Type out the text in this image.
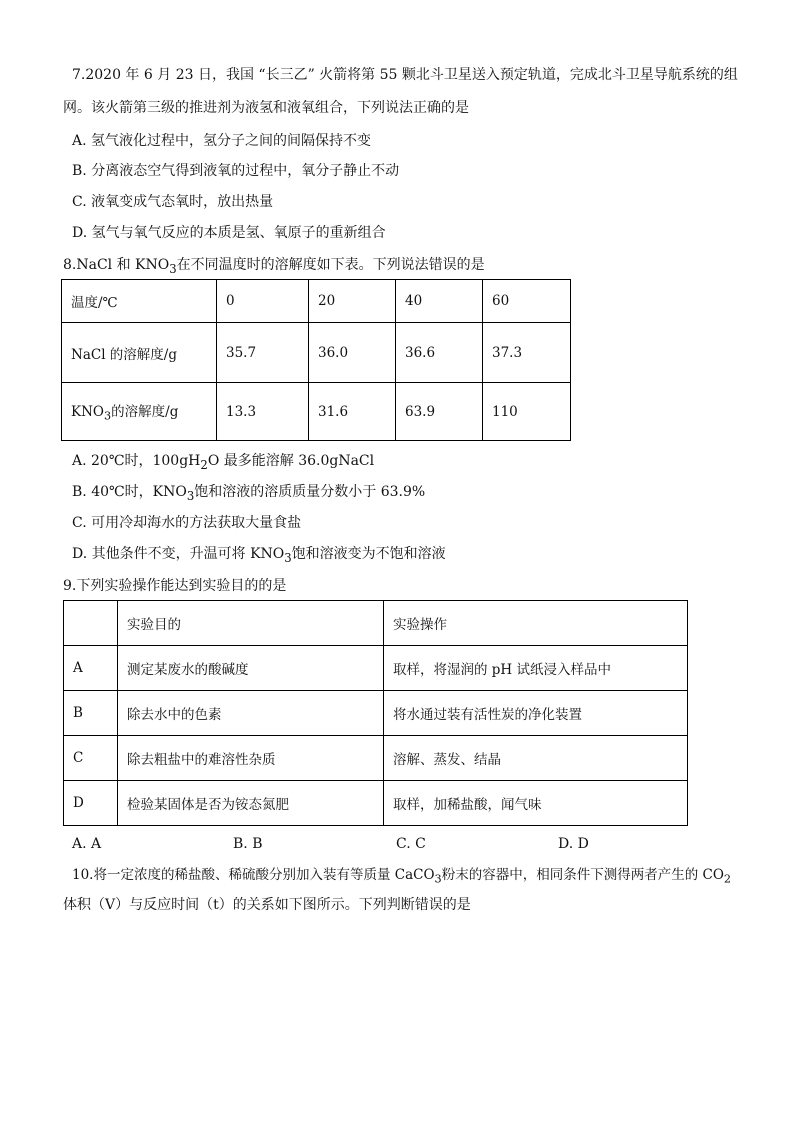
7.2020 年 6 月 23 日，我国 “长三乙” 火箭将第 55 颗北斗卫星送入预定轨道，完成北斗卫星导航系统的组
网。该火箭第三级的推进剂为液氢和液氧组合，下列说法正确的是
A. 氢气液化过程中，氢分子之间的间隔保持不变
B. 分离液态空气得到液氧的过程中，氧分子静止不动
C. 液氧变成气态氧时，放出热量
D. 氢气与氧气反应的本质是氢、氧原子的重新组合
8.NaCl 和 $KNO_3$在不同温度时的溶解度如下表。下列说法错误的是
温度/℃	0	20	40	60
NaCl 的溶解度/g	35.7	36.0	36.6	37.3
$KNO_3$的溶解度/g	13.3	31.6	63.9	110
A. 20℃时，$100gH_2O$ 最多能溶解 36.0gNaCl
B. 40℃时，$KNO_3$饱和溶液的溶质质量分数小于 63.9%
C. 可用冷却海水的方法获取大量食盐
D. 其他条件不变，升温可将 $KNO_3$饱和溶液变为不饱和溶液
9.下列实验操作能达到实验目的的是
	实验目的	实验操作
A	测定某废水的酸碱度	取样，将湿润的 pH 试纸浸入样品中
B	除去水中的色素	将水通过装有活性炭的净化装置
C	除去粗盐中的难溶性杂质	溶解、蒸发、结晶
D	检验某固体是否为铵态氮肥	取样，加稀盐酸，闻气味
A. A	B. B	C. C	D. D
10.将一定浓度的稀盐酸、稀硫酸分别加入装有等质量 CaCO$_3$粉末的容器中，相同条件下测得两者产生的 $CO_2$
体积（V）与反应时间（t）的关系如下图所示。下列判断错误的是
